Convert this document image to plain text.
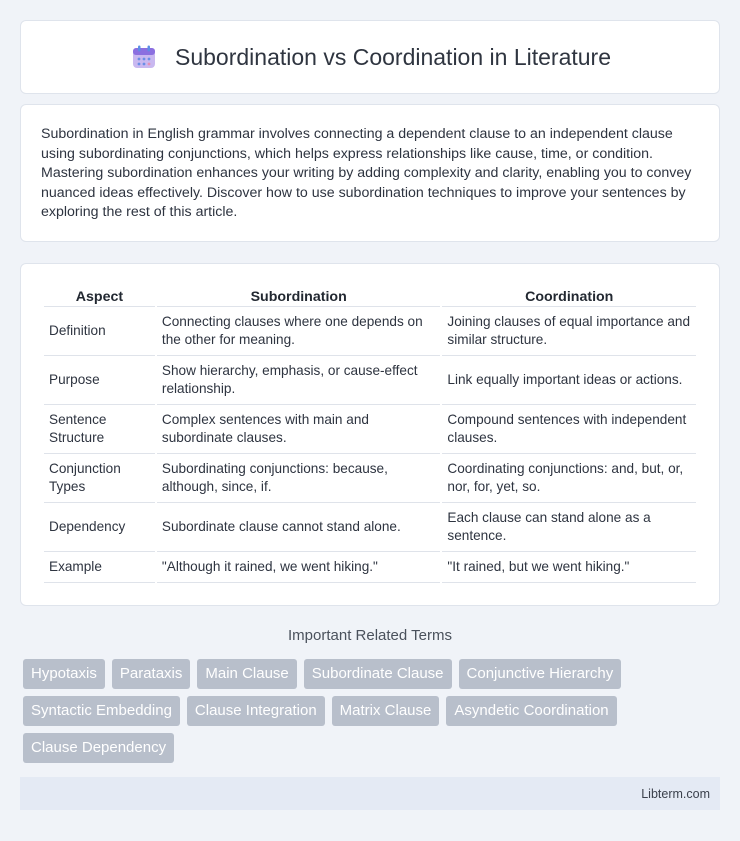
Subordination vs Coordination in Literature

Subordination in English grammar involves connecting a dependent clause to an independent clause using subordinating conjunctions, which helps express relationships like cause, time, or condition. Mastering subordination enhances your writing by adding complexity and clarity, enabling you to convey nuanced ideas effectively. Discover how to use subordination techniques to improve your sentences by exploring the rest of this article.

Aspect	Subordination	Coordination
Definition	Connecting clauses where one depends on the other for meaning.	Joining clauses of equal importance and similar structure.
Purpose	Show hierarchy, emphasis, or cause-effect relationship.	Link equally important ideas or actions.
Sentence Structure	Complex sentences with main and subordinate clauses.	Compound sentences with independent clauses.
Conjunction Types	Subordinating conjunctions: because, although, since, if.	Coordinating conjunctions: and, but, or, nor, for, yet, so.
Dependency	Subordinate clause cannot stand alone.	Each clause can stand alone as a sentence.
Example	"Although it rained, we went hiking."	"It rained, but we went hiking."
Important Related Terms
Hypotaxis	Parataxis	Main Clause	Subordinate Clause	Conjunctive Hierarchy
Syntactic Embedding	Clause Integration	Matrix Clause	Asyndetic Coordination
Clause Dependency
Libterm.com
